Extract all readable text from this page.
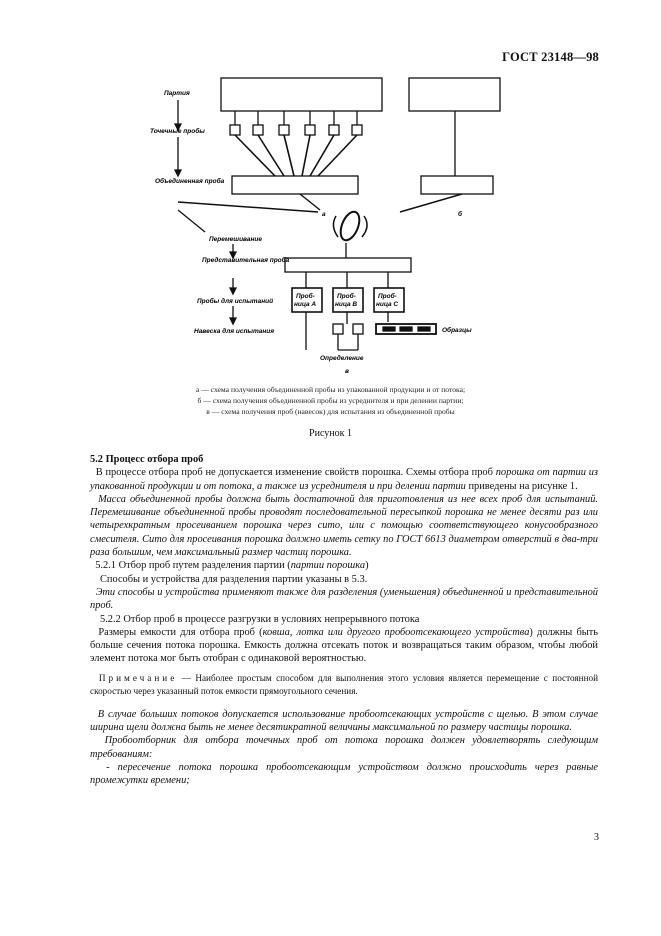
ГОСТ 23148—98
Партия
Точечные пробы
Объединенная проба
Перемешивание
Представительная проба
Пробы для испытаний
Навеска для испытания	Образцы
Определение
а	б
в
Проб-
ница А
Проб-
ница В
Проб-
ница С
а — схема получения объединенной пробы из упакованной продукции и от потока;
б — схема получения объединенной пробы из усреднителя и при делении партии;
в — схема получения проб (навесок) для испытания из объединенной пробы
Рисунок 1

5.2 Процесс отбора проб

В процессе отбора проб не допускается изменение свойств порошка. Схемы отбора проб порошка от партии из упакованной продукции и от потока, а также из усреднителя и при делении партии приведены на рисунке 1.

Масса объединенной пробы должна быть достаточной для приготовления из нее всех проб для испытаний. Перемешивание объединенной пробы проводят последовательной пересыпкой порошка не менее десяти раз или четырехкратным просеиванием порошка через сито, или с помощью соответствующего конусообразного смесителя. Сито для просеивания порошка должно иметь сетку по ГОСТ 6613 диаметром отверстий в два-три раза большим, чем максимальный размер частиц порошка.

5.2.1 Отбор проб путем разделения партии (партии порошка)

Способы и устройства для разделения партии указаны в 5.3.

Эти способы и устройства применяют также для разделения (уменьшения) объединенной и представительной проб.

5.2.2 Отбор проб в процессе разгрузки в условиях непрерывного потока

Размеры емкости для отбора проб (ковша, лотка или другого пробоотсекающего устройства) должны быть больше сечения потока порошка. Емкость должна отсекать поток и возвращаться таким образом, чтобы любой элемент потока мог быть отобран с одинаковой вероятностью.

Примечание — Наиболее простым способом для выполнения этого условия является перемещение с постоянной скоростью через указанный поток емкости прямоугольного сечения.

В случае больших потоков допускается использование пробоотсекающих устройств с щелью. В этом случае ширина щели должна быть не менее десятикратной величины максимальной по размеру частицы порошка.

Пробоотборник для отбора точечных проб от потока порошка должен удовлетворять следующим требованиям:

- пересечение потока порошка пробоотсекающим устройством должно происходить через равные промежутки времени;

3
